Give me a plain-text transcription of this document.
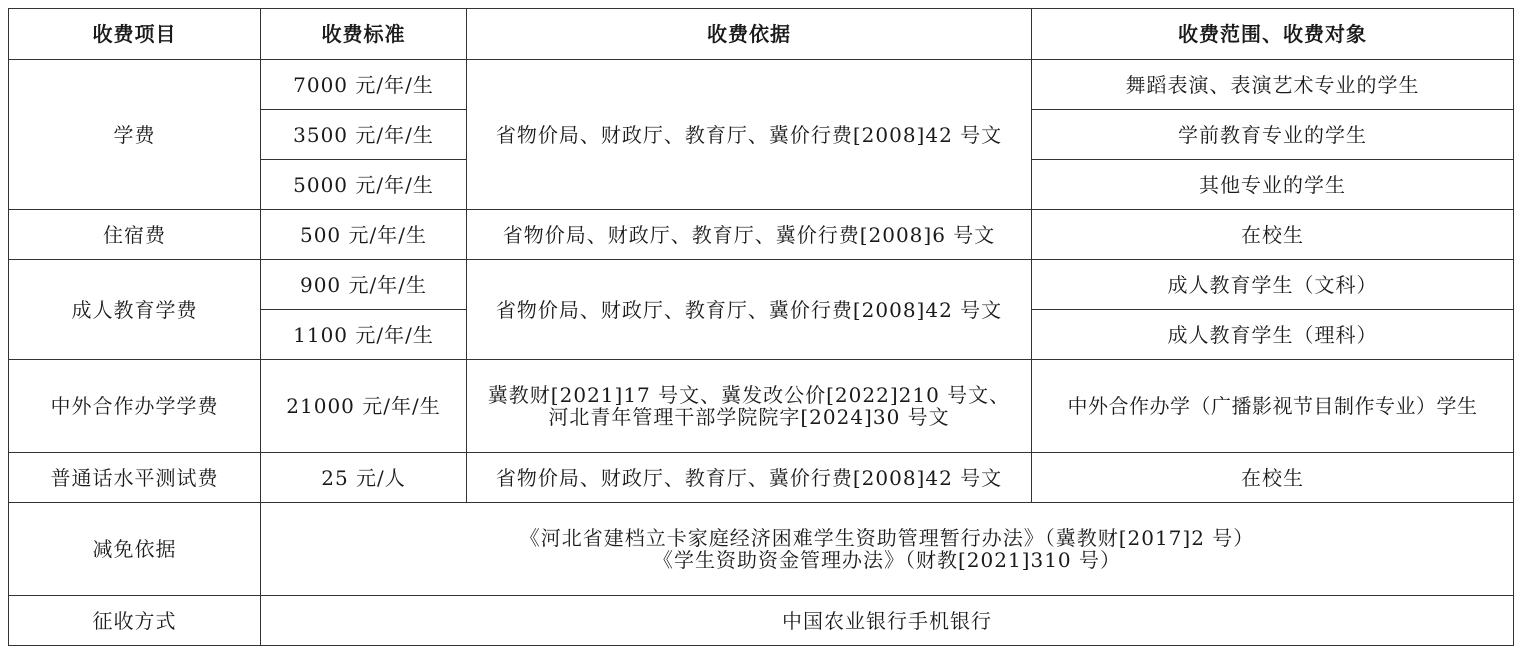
收费项目	收费标准	收费依据	收费范围、收费对象
学费	7000 元/年/生	省物价局、财政厅、教育厅、冀价行费[2008]42 号文	舞蹈表演、表演艺术专业的学生
	3500 元/年/生		学前教育专业的学生
	5000 元/年/生		其他专业的学生
住宿费	500 元/年/生	省物价局、财政厅、教育厅、冀价行费[2008]6 号文	在校生
成人教育学费	900 元/年/生	省物价局、财政厅、教育厅、冀价行费[2008]42 号文	成人教育学生（文科）
	1100 元/年/生		成人教育学生（理科）
中外合作办学学费	21000 元/年/生	冀教财[2021]17 号文、冀发改公价[2022]210 号文、
河北青年管理干部学院院字[2024]30 号文	中外合作办学（广播影视节目制作专业）学生
普通话水平测试费	25 元/人	省物价局、财政厅、教育厅、冀价行费[2008]42 号文	在校生
减免依据	《河北省建档立卡家庭经济困难学生资助管理暂行办法》（冀教财[2017]2 号）
《学生资助资金管理办法》（财教[2021]310 号）		

征收方式	中国农业银行手机银行		
